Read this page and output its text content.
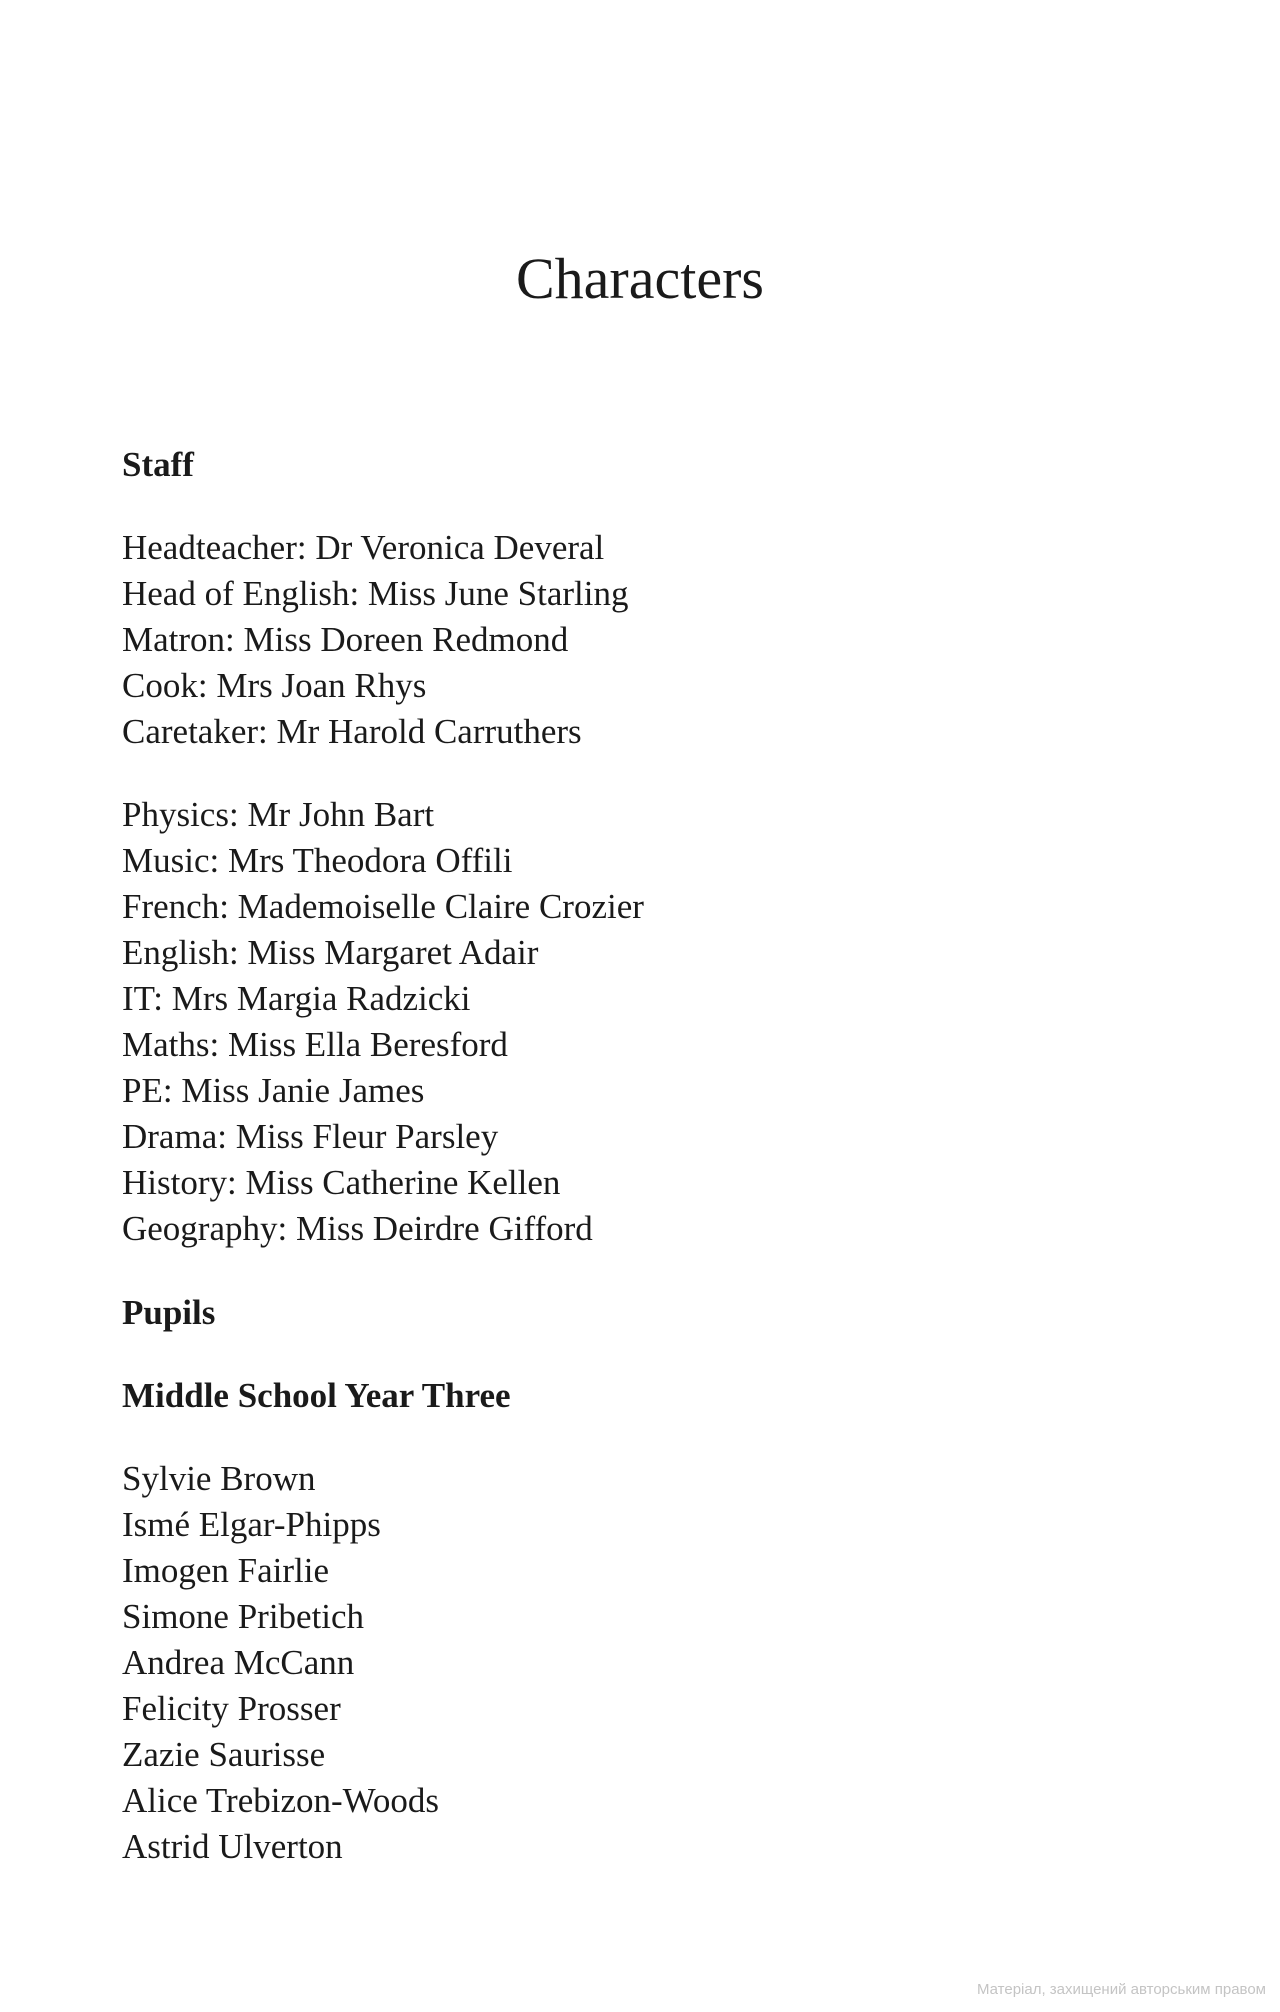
Characters
Staff
Headteacher: Dr Veronica Deveral
Head of English: Miss June Starling
Matron: Miss Doreen Redmond
Cook: Mrs Joan Rhys
Caretaker: Mr Harold Carruthers
Physics: Mr John Bart
Music: Mrs Theodora Offili
French: Mademoiselle Claire Crozier
English: Miss Margaret Adair
IT: Mrs Margia Radzicki
Maths: Miss Ella Beresford
PE: Miss Janie James
Drama: Miss Fleur Parsley
History: Miss Catherine Kellen
Geography: Miss Deirdre Gifford
Pupils
Middle School Year Three
Sylvie Brown
Ismé Elgar-Phipps
Imogen Fairlie
Simone Pribetich
Andrea McCann
Felicity Prosser
Zazie Saurisse
Alice Trebizon-Woods
Astrid Ulverton
Матеріал, захищений авторським правом
